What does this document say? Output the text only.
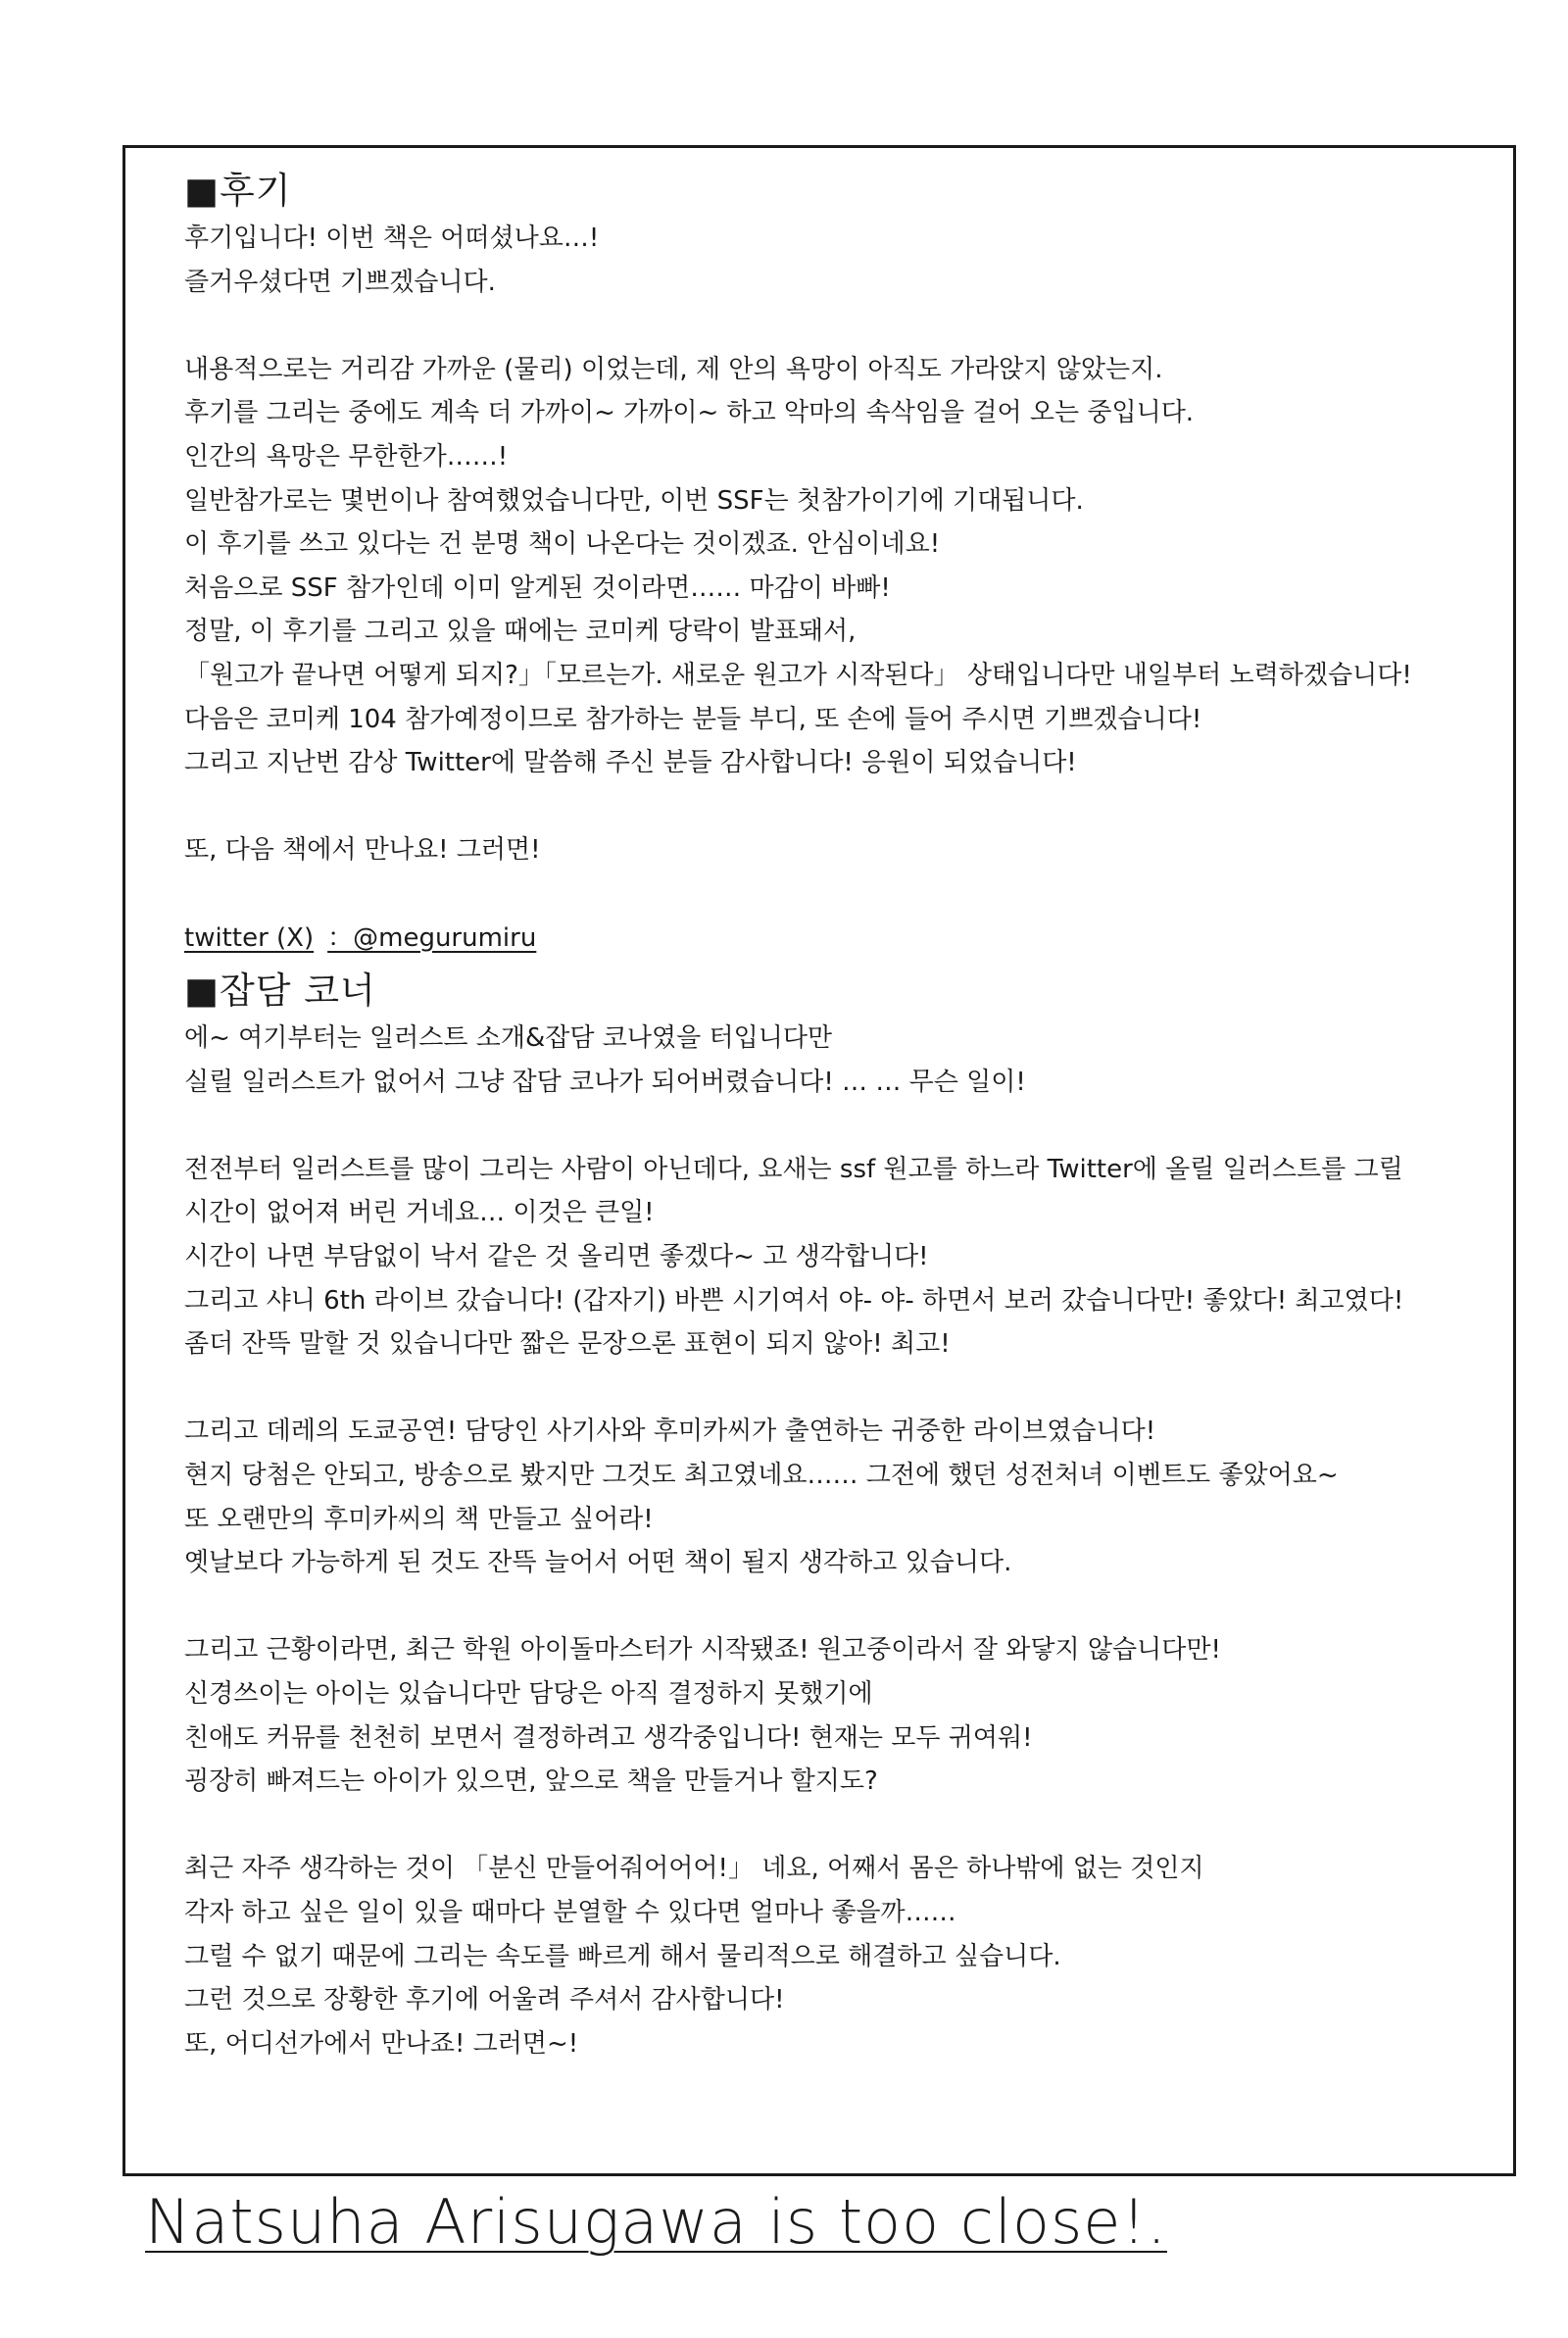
■후기
후기입니다! 이번 책은 어떠셨나요…!
즐거우셨다면 기쁘겠습니다.
내용적으로는 거리감 가까운 (물리) 이었는데, 제 안의 욕망이 아직도 가라앉지 않았는지.
후기를 그리는 중에도 계속 더 가까이~ 가까이~ 하고 악마의 속삭임을 걸어 오는 중입니다.
인간의 욕망은 무한한가……!
일반참가로는 몇번이나 참여했었습니다만, 이번 SSF는 첫참가이기에 기대됩니다.
이 후기를 쓰고 있다는 건 분명 책이 나온다는 것이겠죠. 안심이네요!
처음으로 SSF 참가인데 이미 알게된 것이라면…… 마감이 바빠!
정말, 이 후기를 그리고 있을 때에는 코미케 당락이 발표돼서,
「원고가 끝나면 어떻게 되지?」「모르는가. 새로운 원고가 시작된다」 상태입니다만 내일부터 노력하겠습니다!
다음은 코미케 104 참가예정이므로 참가하는 분들 부디, 또 손에 들어 주시면 기쁘겠습니다!
그리고 지난번 감상 Twitter에 말씀해 주신 분들 감사합니다! 응원이 되었습니다!
또, 다음 책에서 만나요! 그러면!
twitter (X) ：@megurumiru
■잡담 코너
에~ 여기부터는 일러스트 소개&잡담 코나였을 터입니다만
실릴 일러스트가 없어서 그냥 잡담 코나가 되어버렸습니다! … … 무슨 일이!
전전부터 일러스트를 많이 그리는 사람이 아닌데다, 요새는 ssf 원고를 하느라 Twitter에 올릴 일러스트를 그릴
시간이 없어져 버린 거네요… 이것은 큰일!
시간이 나면 부담없이 낙서 같은 것 올리면 좋겠다~ 고 생각합니다!
그리고 샤니 6th 라이브 갔습니다! (갑자기) 바쁜 시기여서 야- 야- 하면서 보러 갔습니다만! 좋았다! 최고였다!
좀더 잔뜩 말할 것 있습니다만 짧은 문장으론 표현이 되지 않아! 최고!
그리고 데레의 도쿄공연! 담당인 사기사와 후미카씨가 출연하는 귀중한 라이브였습니다!
현지 당첨은 안되고, 방송으로 봤지만 그것도 최고였네요…… 그전에 했던 성전처녀 이벤트도 좋았어요~
또 오랜만의 후미카씨의 책 만들고 싶어라!
옛날보다 가능하게 된 것도 잔뜩 늘어서 어떤 책이 될지 생각하고 있습니다.
그리고 근황이라면, 최근 학원 아이돌마스터가 시작됐죠! 원고중이라서 잘 와닿지 않습니다만!
신경쓰이는 아이는 있습니다만 담당은 아직 결정하지 못했기에
친애도 커뮤를 천천히 보면서 결정하려고 생각중입니다! 현재는 모두 귀여워!
굉장히 빠져드는 아이가 있으면, 앞으로 책을 만들거나 할지도?
최근 자주 생각하는 것이 「분신 만들어줘어어어!」 네요, 어째서 몸은 하나밖에 없는 것인지
각자 하고 싶은 일이 있을 때마다 분열할 수 있다면 얼마나 좋을까……
그럴 수 없기 때문에 그리는 속도를 빠르게 해서 물리적으로 해결하고 싶습니다.
그런 것으로 장황한 후기에 어울려 주셔서 감사합니다!
또, 어디선가에서 만나죠! 그러면~!
Natsuha Arisugawa is too close!.
